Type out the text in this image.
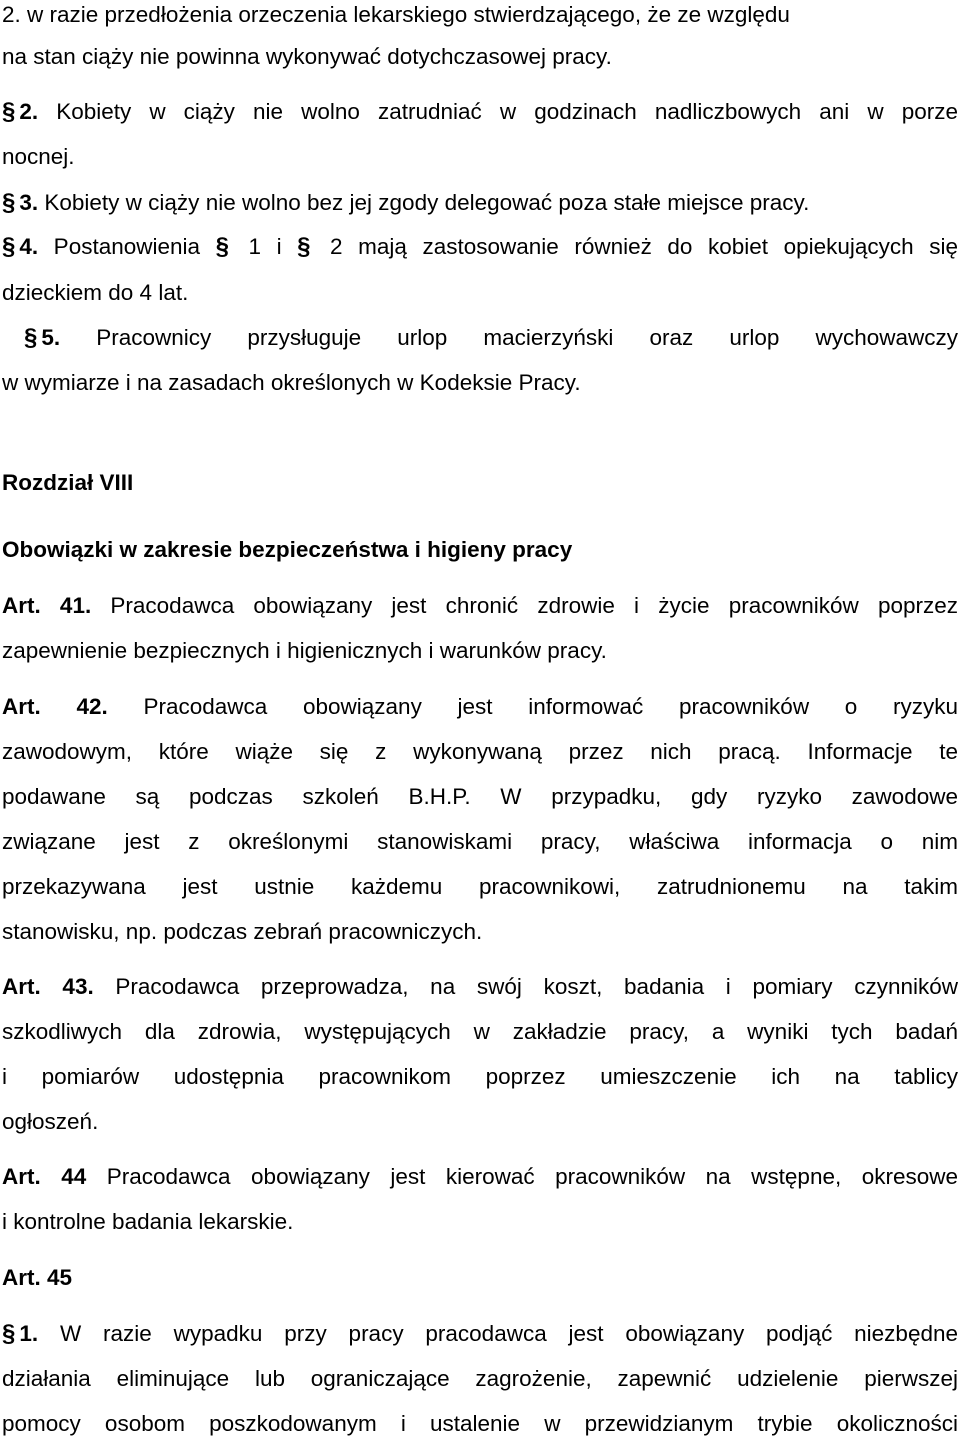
2. w razie przedłożenia orzeczenia lekarskiego stwierdzającego, że ze względu
na stan ciąży nie powinna wykonywać dotychczasowej pracy.
§ 2. Kobiety w ciąży nie wolno zatrudniać w godzinach nadliczbowych ani w porze
nocnej.
§ 3. Kobiety w ciąży nie wolno bez jej zgody delegować poza stałe miejsce pracy.
§ 4. Postanowienia § 1 i § 2 mają zastosowanie również do kobiet opiekujących się
dzieckiem do 4 lat.
§ 5. Pracownicy przysługuje urlop macierzyński oraz urlop wychowawczy
w wymiarze i na zasadach określonych w Kodeksie Pracy.
Rozdział VIII
Obowiązki w zakresie bezpieczeństwa i higieny pracy
Art. 41. Pracodawca obowiązany jest chronić zdrowie i życie pracowników poprzez
zapewnienie bezpiecznych i higienicznych i warunków pracy.
Art. 42. Pracodawca obowiązany jest informować pracowników o ryzyku
zawodowym, które wiąże się z wykonywaną przez nich pracą. Informacje te
podawane są podczas szkoleń B.H.P. W przypadku, gdy ryzyko zawodowe
związane jest z określonymi stanowiskami pracy, właściwa informacja o nim
przekazywana jest ustnie każdemu pracownikowi, zatrudnionemu na takim
stanowisku, np. podczas zebrań pracowniczych.
Art. 43. Pracodawca przeprowadza, na swój koszt, badania i pomiary czynników
szkodliwych dla zdrowia, występujących w zakładzie pracy, a wyniki tych badań
i pomiarów udostępnia pracownikom poprzez umieszczenie ich na tablicy
ogłoszeń.
Art. 44 Pracodawca obowiązany jest kierować pracowników na wstępne, okresowe
i kontrolne badania lekarskie.
Art. 45
§ 1. W razie wypadku przy pracy pracodawca jest obowiązany podjąć niezbędne
działania eliminujące lub ograniczające zagrożenie, zapewnić udzielenie pierwszej
pomocy osobom poszkodowanym i ustalenie w przewidzianym trybie okoliczności
